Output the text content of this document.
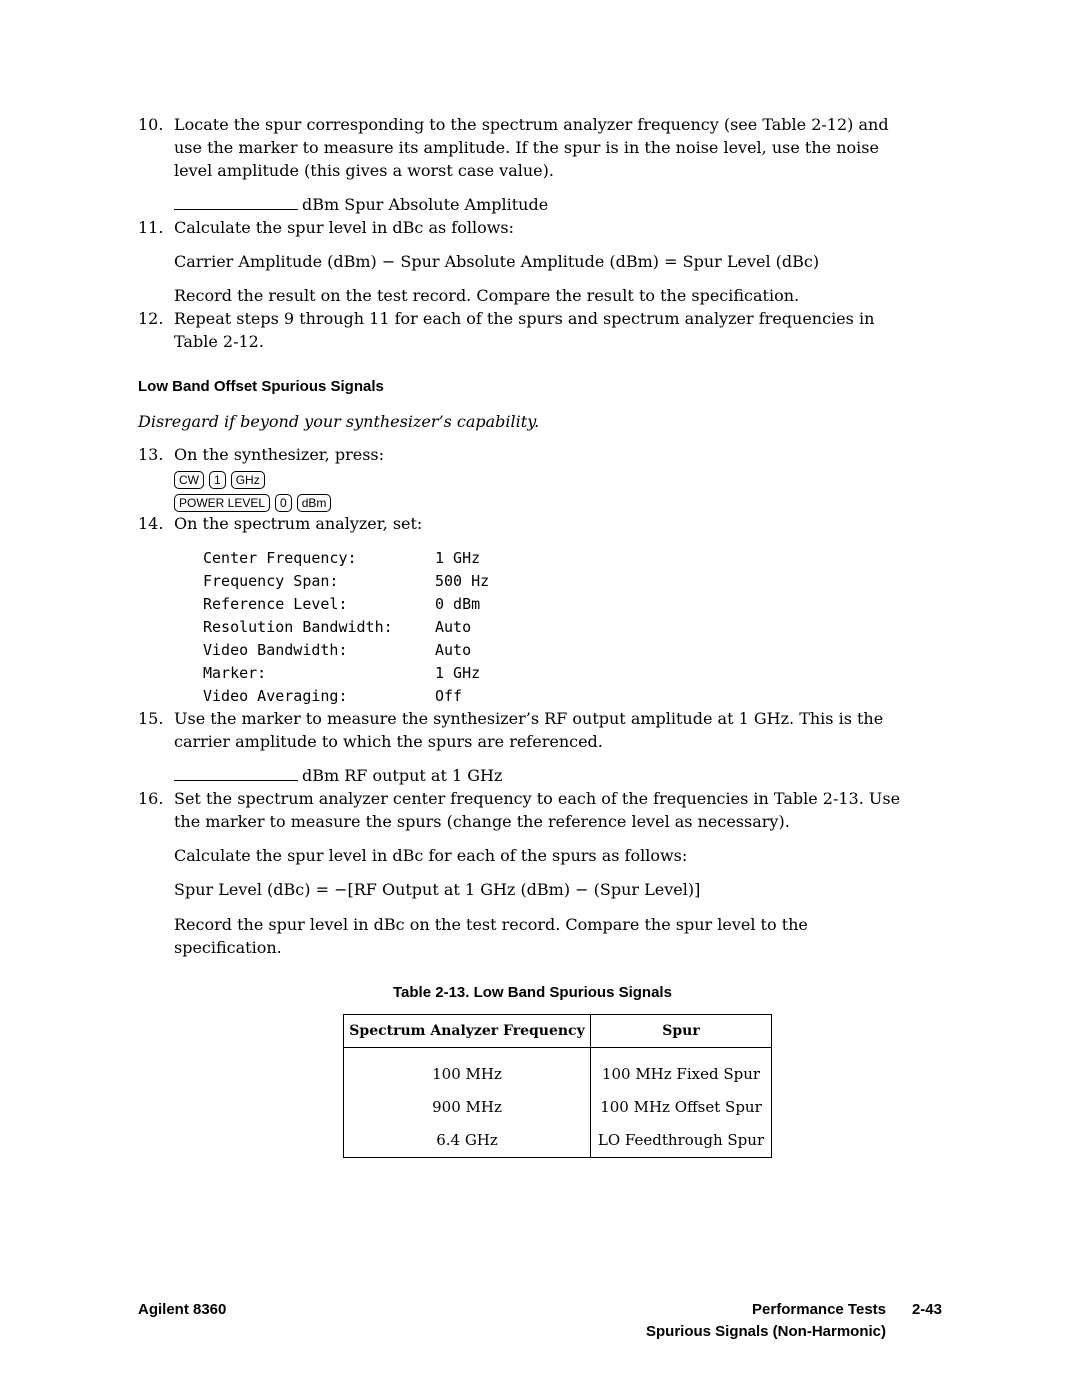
10. Locate the spur corresponding to the spectrum analyzer frequency (see Table 2-12) and
use the marker to measure its amplitude. If the spur is in the noise level, use the noise
level amplitude (this gives a worst case value).
dBm Spur Absolute Amplitude
11. Calculate the spur level in dBc as follows:
Carrier Amplitude (dBm) − Spur Absolute Amplitude (dBm) = Spur Level (dBc)
Record the result on the test record. Compare the result to the specification.
12. Repeat steps 9 through 11 for each of the spurs and spectrum analyzer frequencies in
Table 2-12.
Low Band Offset Spurious Signals
Disregard if beyond your synthesizer’s capability.
13. On the synthesizer, press:
CW 1 GHz
POWER LEVEL 0 dBm
14. On the spectrum analyzer, set:
Center Frequency:	1 GHz
Frequency Span:	500 Hz
Reference Level:	0 dBm
Resolution Bandwidth:	Auto
Video Bandwidth:	Auto
Marker:	1 GHz
Video Averaging:	Off
15. Use the marker to measure the synthesizer’s RF output amplitude at 1 GHz. This is the
carrier amplitude to which the spurs are referenced.
dBm RF output at 1 GHz
16. Set the spectrum analyzer center frequency to each of the frequencies in Table 2-13. Use
the marker to measure the spurs (change the reference level as necessary).
Calculate the spur level in dBc for each of the spurs as follows:
Spur Level (dBc) = −[RF Output at 1 GHz (dBm) − (Spur Level)]
Record the spur level in dBc on the test record. Compare the spur level to the
specification.
Table 2-13. Low Band Spurious Signals
Spectrum Analyzer Frequency	Spur

100 MHz	100 MHz Fixed Spur
900 MHz	100 MHz Offset Spur
6.4 GHz	LO Feedthrough Spur
Agilent 8360	Performance Tests 2-43
Spurious Signals (Non-Harmonic)
